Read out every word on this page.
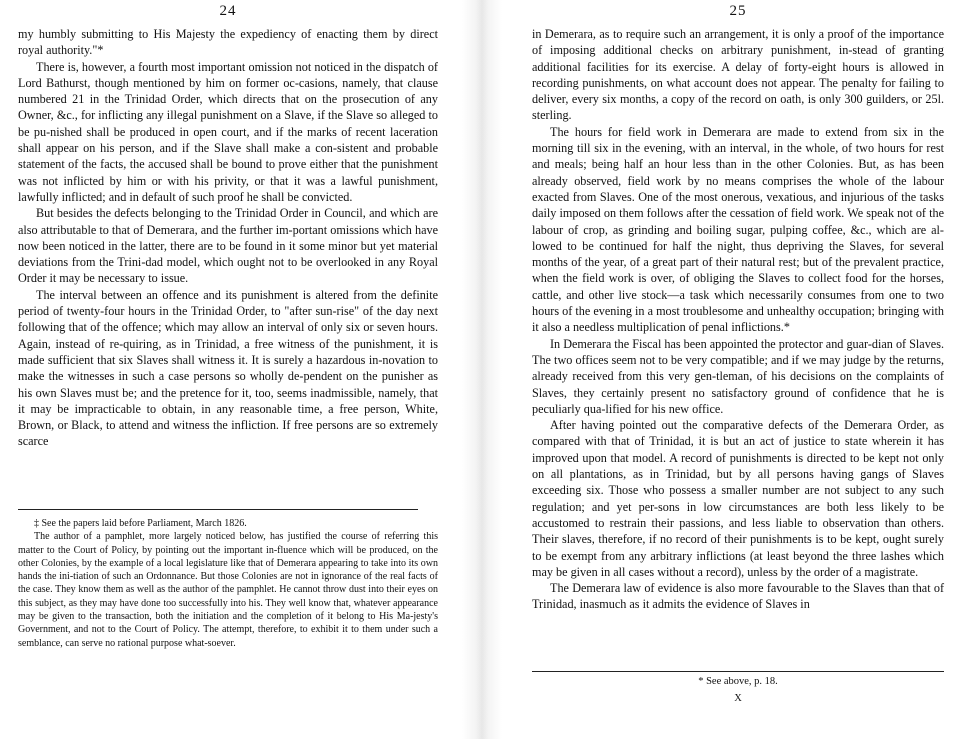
24

my humbly submitting to His Majesty the expediency of enacting them by direct royal authority."*

There is, however, a fourth most important omission not noticed in the dispatch of Lord Bathurst, though mentioned by him on former oc-casions, namely, that clause numbered 21 in the Trinidad Order, which directs that on the prosecution of any Owner, &c., for inflicting any illegal punishment on a Slave, if the Slave so alleged to be pu-nished shall be produced in open court, and if the marks of recent laceration shall appear on his person, and if the Slave shall make a con-sistent and probable statement of the facts, the accused shall be bound to prove either that the punishment was not inflicted by him or with his privity, or that it was a lawful punishment, lawfully inflicted; and in default of such proof he shall be convicted.

But besides the defects belonging to the Trinidad Order in Council, and which are also attributable to that of Demerara, and the further im-portant omissions which have now been noticed in the latter, there are to be found in it some minor but yet material deviations from the Trini-dad model, which ought not to be overlooked in any Royal Order it may be necessary to issue.

The interval between an offence and its punishment is altered from the definite period of twenty-four hours in the Trinidad Order, to "after sun-rise" of the day next following that of the offence; which may allow an interval of only six or seven hours. Again, instead of re-quiring, as in Trinidad, a free witness of the punishment, it is made sufficient that six Slaves shall witness it. It is surely a hazardous in-novation to make the witnesses in such a case persons so wholly de-pendent on the punisher as his own Slaves must be; and the pretence for it, too, seems inadmissible, namely, that it may be impracticable to obtain, in any reasonable time, a free person, White, Brown, or Black, to attend and witness the infliction. If free persons are so extremely scarce

‡ See the papers laid before Parliament, March 1826.

The author of a pamphlet, more largely noticed below, has justified the course of referring this matter to the Court of Policy, by pointing out the important in-fluence which will be produced, on the other Colonies, by the example of a local legislature like that of Demerara appearing to take into its own hands the ini-tiation of such an Ordonnance. But those Colonies are not in ignorance of the real facts of the case. They know them as well as the author of the pamphlet. He cannot throw dust into their eyes on this subject, as they may have done too successfully into his. They well know that, whatever appearance may be given to the transaction, both the initiation and the completion of it belong to His Ma-jesty's Government, and not to the Court of Policy. The attempt, therefore, to exhibit it to them under such a semblance, can serve no rational purpose what-soever.

25

in Demerara, as to require such an arrangement, it is only a proof of the importance of imposing additional checks on arbitrary punishment, in-stead of granting additional facilities for its exercise. A delay of forty-eight hours is allowed in recording punishments, on what account does not appear. The penalty for failing to deliver, every six months, a copy of the record on oath, is only 300 guilders, or 25l. sterling.

The hours for field work in Demerara are made to extend from six in the morning till six in the evening, with an interval, in the whole, of two hours for rest and meals; being half an hour less than in the other Colonies. But, as has been already observed, field work by no means comprises the whole of the labour exacted from Slaves. One of the most onerous, vexatious, and injurious of the tasks daily imposed on them follows after the cessation of field work. We speak not of the labour of crop, as grinding and boiling sugar, pulping coffee, &c., which are al-lowed to be continued for half the night, thus depriving the Slaves, for several months of the year, of a great part of their natural rest; but of the prevalent practice, when the field work is over, of obliging the Slaves to collect food for the horses, cattle, and other live stock—a task which necessarily consumes from one to two hours of the evening in a most troublesome and unhealthy occupation; bringing with it also a needless multiplication of penal inflictions.*

In Demerara the Fiscal has been appointed the protector and guar-dian of Slaves. The two offices seem not to be very compatible; and if we may judge by the returns, already received from this very gen-tleman, of his decisions on the complaints of Slaves, they certainly present no satisfactory ground of confidence that he is peculiarly qua-lified for his new office.

After having pointed out the comparative defects of the Demerara Order, as compared with that of Trinidad, it is but an act of justice to state wherein it has improved upon that model. A record of punishments is directed to be kept not only on all plantations, as in Trinidad, but by all persons having gangs of Slaves exceeding six. Those who possess a smaller number are not subject to any such regulation; and yet per-sons in low circumstances are both less likely to be accustomed to restrain their passions, and less liable to observation than others. Their slaves, therefore, if no record of their punishments is to be kept, ought surely to be exempt from any arbitrary inflictions (at least beyond the three lashes which may be given in all cases without a record), unless by the order of a magistrate.

The Demerara law of evidence is also more favourable to the Slaves than that of Trinidad, inasmuch as it admits the evidence of Slaves in

* See above, p. 18.
X
